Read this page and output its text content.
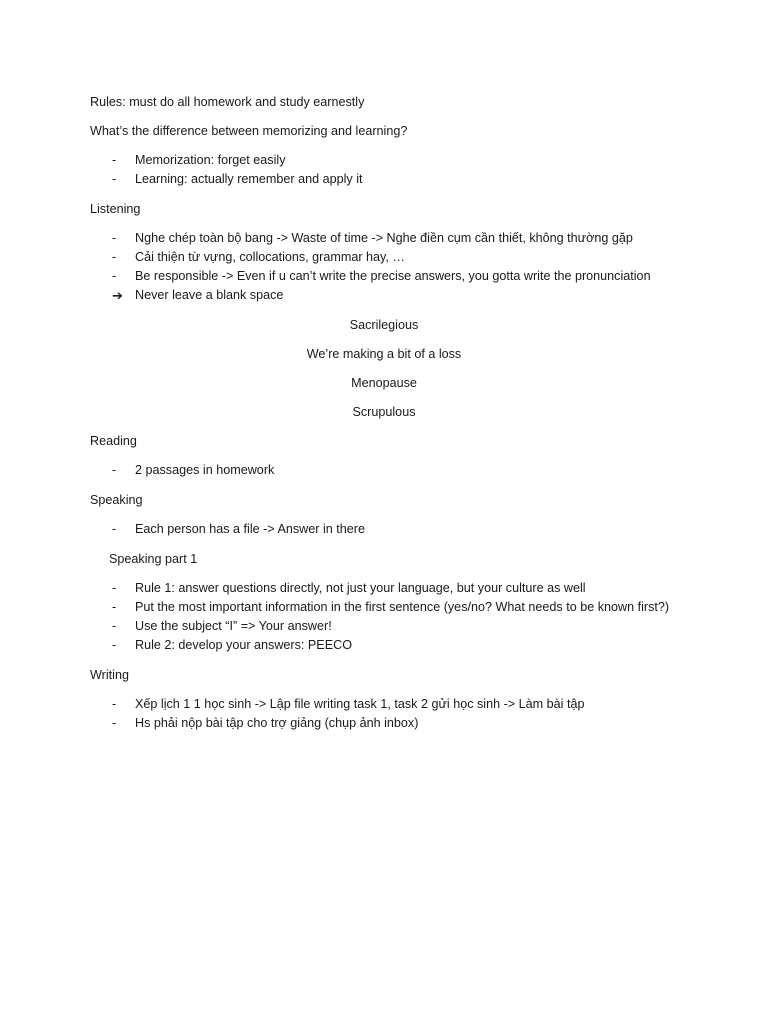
Rules: must do all homework and study earnestly

What’s the difference between memorizing and learning?

-	Memorization: forget easily
-	Learning: actually remember and apply it

Listening

-	Nghe chép toàn bộ bang -> Waste of time -> Nghe điền cụm cần thiết, không thường gặp
-	Cải thiện từ vựng, collocations, grammar hay, …
-	Be responsible -> Even if u can’t write the precise answers, you gotta write the pronunciation
➔ Never leave a blank space

Sacrilegious

We’re making a bit of a loss

Menopause

Scrupulous

Reading

-	2 passages in homework

Speaking

-	Each person has a file -> Answer in there

Speaking part 1

-	Rule 1: answer questions directly, not just your language, but your culture as well
-	Put the most important information in the first sentence (yes/no? What needs to be known first?)
-	Use the subject “I” => Your answer!
-	Rule 2: develop your answers: PEECO

Writing

-	Xếp lịch 1 1 học sinh -> Lập file writing task 1, task 2 gửi học sinh -> Làm bài tập
-	Hs phải nộp bài tập cho trợ giảng (chụp ảnh inbox)
